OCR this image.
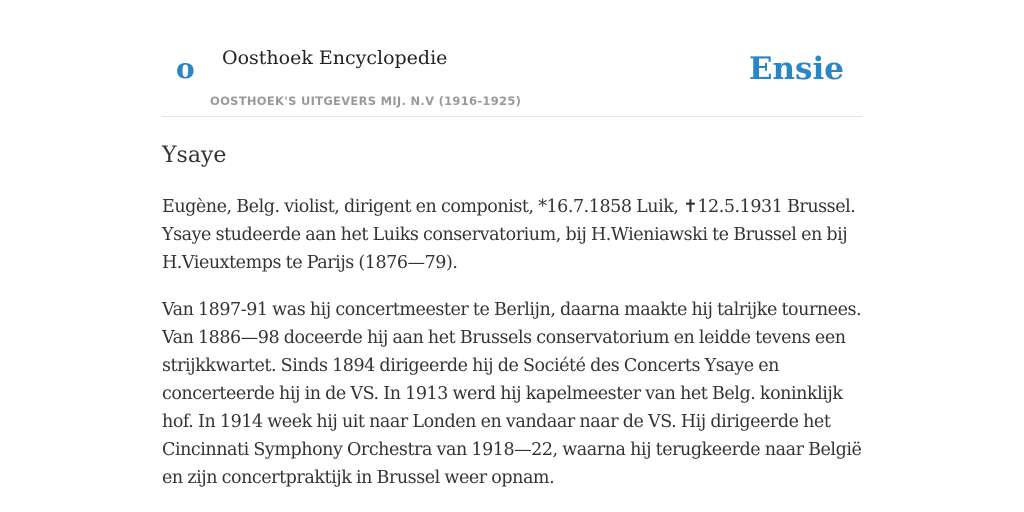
o Oosthoek Encyclopedie
OOSTHOEK'S UITGEVERS MIJ. N.V (1916-1925)
Ensie
Ysaye

Eugène, Belg. violist, dirigent en componist, *16.7.1858 Luik, ✝12.5.1931 Brussel. Ysaye studeerde aan het Luiks conservatorium, bij H.Wieniawski te Brussel en bij H.Vieuxtemps te Parijs (1876—79).

Van 1897-91 was hij concertmeester te Berlijn, daarna maakte hij talrijke tournees. Van 1886—98 doceerde hij aan het Brussels conservatorium en leidde tevens een strijkkwartet. Sinds 1894 dirigeerde hij de Société des Concerts Ysaye en concerteerde hij in de VS. In 1913 werd hij kapelmeester van het Belg. koninklijk hof. In 1914 week hij uit naar Londen en vandaar naar de VS. Hij dirigeerde het Cincinnati Symphony Orchestra van 1918—22, waarna hij terugkeerde naar België en zijn concertpraktijk in Brussel weer opnam.
